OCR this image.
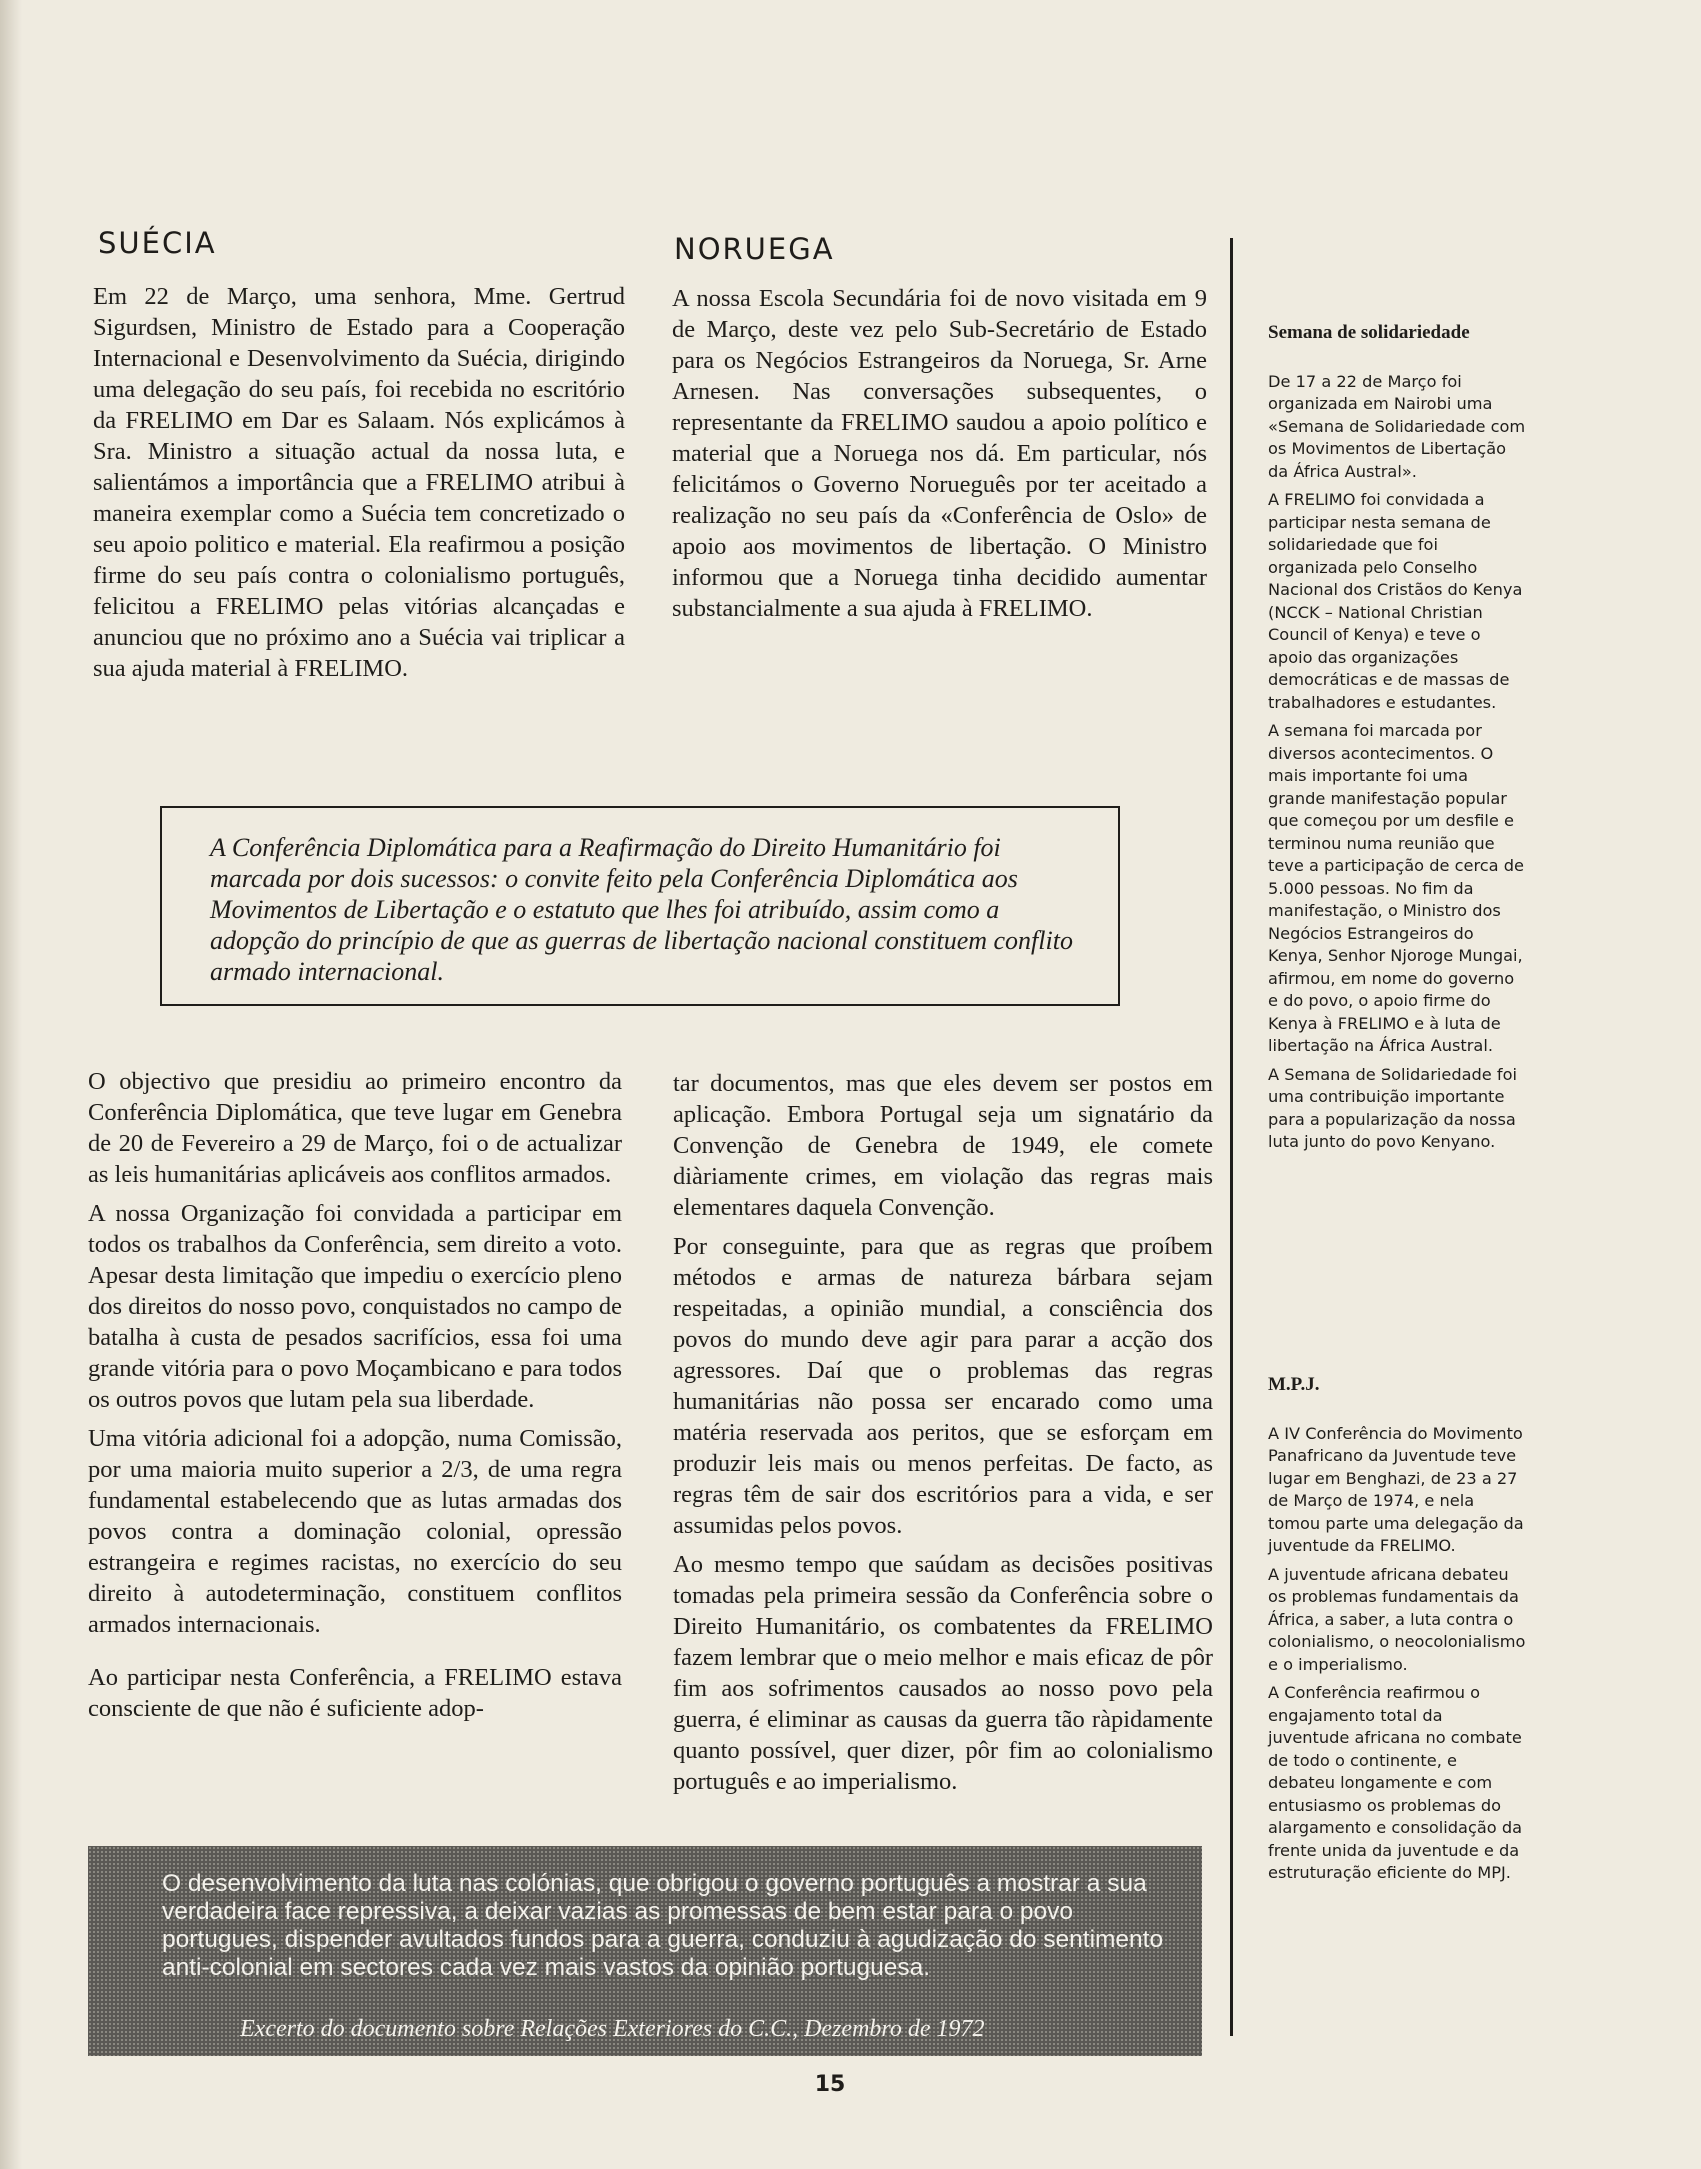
SUÉCIA

Em 22 de Março, uma senhora, Mme. Gertrud Sigurdsen, Ministro de Estado para a Cooperação Internacional e Desenvolvimento da Suécia, dirigindo uma delegação do seu país, foi recebida no escritório da FRELIMO em Dar es Salaam. Nós explicámos à Sra. Ministro a situação actual da nossa luta, e salientámos a importância que a FRELIMO atribui à maneira exemplar como a Suécia tem concretizado o seu apoio politico e material. Ela reafirmou a posição firme do seu país contra o colonialismo português, felicitou a FRELIMO pelas vitórias alcançadas e anunciou que no próximo ano a Suécia vai triplicar a sua ajuda material à FRELIMO.

NORUEGA

A nossa Escola Secundária foi de novo visitada em 9 de Março, deste vez pelo Sub-Secretário de Estado para os Negócios Estrangeiros da Noruega, Sr. Arne Arnesen. Nas conversações subsequentes, o representante da FRELIMO saudou a apoio político e material que a Noruega nos dá. Em particular, nós felicitámos o Governo Norueguês por ter aceitado a realização no seu país da «Conferência de Oslo» de apoio aos movimentos de libertação. O Ministro informou que a Noruega tinha decidido aumentar substancialmente a sua ajuda à FRELIMO.

A Conferência Diplomática para a Reafirmação do Direito Humanitário foi marcada por dois sucessos: o convite feito pela Conferência Diplomática aos Movimentos de Libertação e o estatuto que lhes foi atribuído, assim como a adopção do princípio de que as guerras de libertação nacional constituem conflito armado internacional.

O objectivo que presidiu ao primeiro encontro da Conferência Diplomática, que teve lugar em Genebra de 20 de Fevereiro a 29 de Março, foi o de actualizar as leis humanitárias aplicáveis aos conflitos armados.

A nossa Organização foi convidada a participar em todos os trabalhos da Conferência, sem direito a voto. Apesar desta limitação que impediu o exercício pleno dos direitos do nosso povo, conquistados no campo de batalha à custa de pesados sacrifícios, essa foi uma grande vitória para o povo Moçambicano e para todos os outros povos que lutam pela sua liberdade.

Uma vitória adicional foi a adopção, numa Comissão, por uma maioria muito superior a 2/3, de uma regra fundamental estabelecendo que as lutas armadas dos povos contra a dominação colonial, opressão estrangeira e regimes racistas, no exercício do seu direito à autodeterminação, constituem conflitos armados internacionais.

Ao participar nesta Conferência, a FRELIMO estava consciente de que não é suficiente adop-

tar documentos, mas que eles devem ser postos em aplicação. Embora Portugal seja um signatário da Convenção de Genebra de 1949, ele comete diàriamente crimes, em violação das regras mais elementares daquela Convenção.

Por conseguinte, para que as regras que proíbem métodos e armas de natureza bárbara sejam respeitadas, a opinião mundial, a consciência dos povos do mundo deve agir para parar a acção dos agressores. Daí que o problemas das regras humanitárias não possa ser encarado como uma matéria reservada aos peritos, que se esforçam em produzir leis mais ou menos perfeitas. De facto, as regras têm de sair dos escritórios para a vida, e ser assumidas pelos povos.

Ao mesmo tempo que saúdam as decisões positivas tomadas pela primeira sessão da Conferência sobre o Direito Humanitário, os combatentes da FRELIMO fazem lembrar que o meio melhor e mais eficaz de pôr fim aos sofrimentos causados ao nosso povo pela guerra, é eliminar as causas da guerra tão ràpidamente quanto possível, quer dizer, pôr fim ao colonialismo português e ao imperialismo.

Semana de solidariedade

De 17 a 22 de Março foi organizada em Nairobi uma «Semana de Solidariedade com os Movimentos de Libertação da África Austral».

A FRELIMO foi convidada a participar nesta semana de solidariedade que foi organizada pelo Conselho Nacional dos Cristãos do Kenya (NCCK – National Christian Council of Kenya) e teve o apoio das organizações democráticas e de massas de trabalhadores e estudantes.

A semana foi marcada por diversos acontecimentos. O mais importante foi uma grande manifestação popular que começou por um desfile e terminou numa reunião que teve a participação de cerca de 5.000 pessoas. No fim da manifestação, o Ministro dos Negócios Estrangeiros do Kenya, Senhor Njoroge Mungai, afirmou, em nome do governo e do povo, o apoio firme do Kenya à FRELIMO e à luta de libertação na África Austral.

A Semana de Solidariedade foi uma contribuição importante para a popularização da nossa luta junto do povo Kenyano.

M.P.J.

A IV Conferência do Movimento Panafricano da Juventude teve lugar em Benghazi, de 23 a 27 de Março de 1974, e nela tomou parte uma delegação da juventude da FRELIMO.

A juventude africana debateu os problemas fundamentais da África, a saber, a luta contra o colonialismo, o neocolonialismo e o imperialismo.

A Conferência reafirmou o engajamento total da juventude africana no combate de todo o continente, e debateu longamente e com entusiasmo os problemas do alargamento e consolidação da frente unida da juventude e da estruturação eficiente do MPJ.

O desenvolvimento da luta nas colónias, que obrigou o governo português a mostrar a sua verdadeira face repressiva, a deixar vazias as promessas de bem estar para o povo portugues, dispender avultados fundos para a guerra, conduziu à agudização do sentimento anti-colonial em sectores cada vez mais vastos da opinião portuguesa.
Excerto do documento sobre Relações Exteriores do C.C., Dezembro de 1972
15
